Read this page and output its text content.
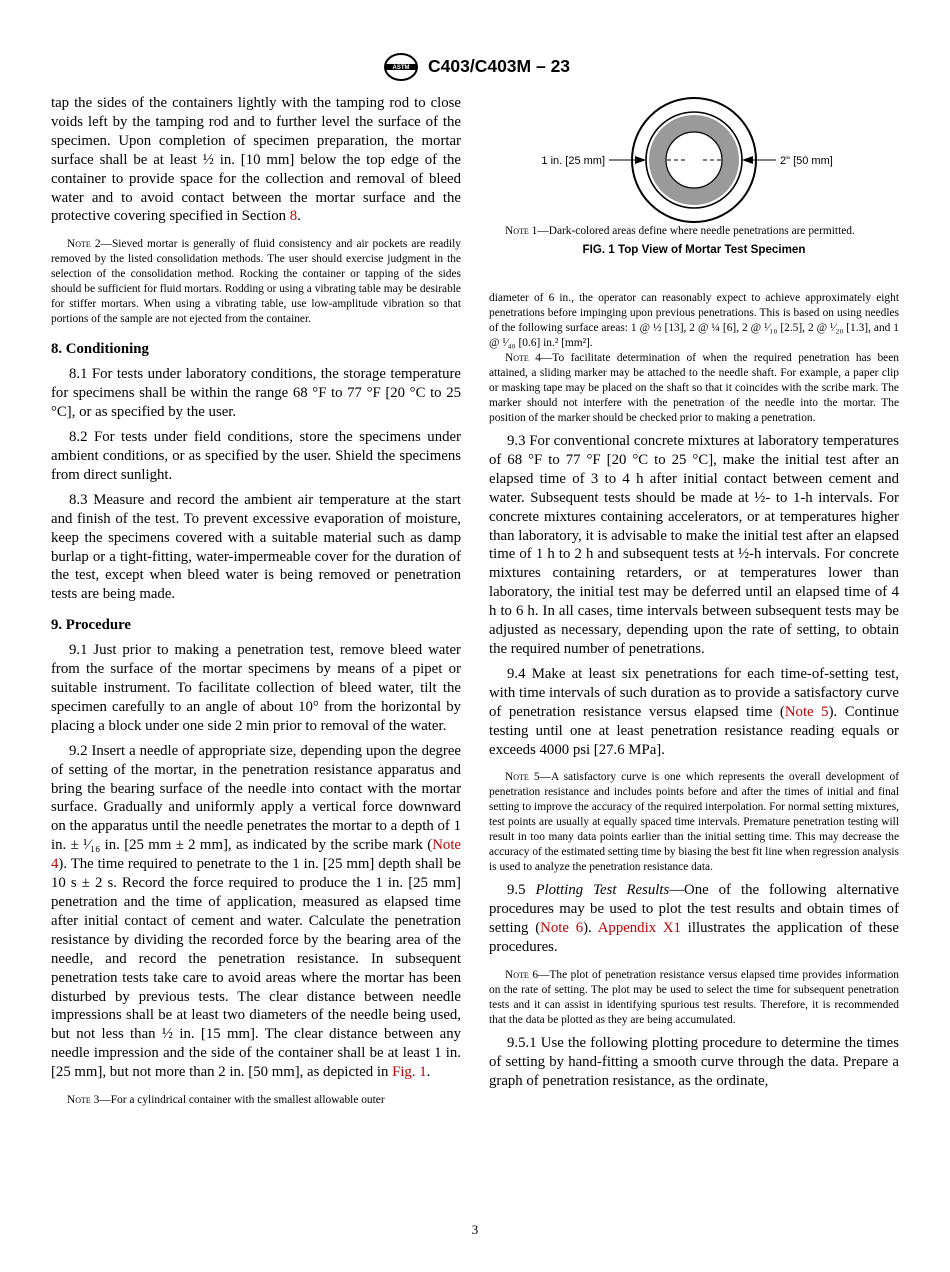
ASTM C403/C403M – 23

tap the sides of the containers lightly with the tamping rod to close voids left by the tamping rod and to further level the surface of the specimen. Upon completion of specimen preparation, the mortar surface shall be at least ½ in. [10 mm] below the top edge of the container to provide space for the collection and removal of bleed water and to avoid contact between the mortar surface and the protective covering specified in Section 8.

Note 2—Sieved mortar is generally of fluid consistency and air pockets are readily removed by the listed consolidation methods. The user should exercise judgment in the selection of the consolidation method. Rocking the container or tapping of the sides should be sufficient for fluid mortars. Rodding or using a vibrating table may be desirable for stiffer mortars. When using a vibrating table, use low-amplitude vibration so that portions of the sample are not ejected from the container.

8. Conditioning

8.1 For tests under laboratory conditions, the storage temperature for specimens shall be within the range 68 °F to 77 °F [20 °C to 25 °C], or as specified by the user.

8.2 For tests under field conditions, store the specimens under ambient conditions, or as specified by the user. Shield the specimens from direct sunlight.

8.3 Measure and record the ambient air temperature at the start and finish of the test. To prevent excessive evaporation of moisture, keep the specimens covered with a suitable material such as damp burlap or a tight-fitting, water-impermeable cover for the duration of the test, except when bleed water is being removed or penetration tests are being made.

9. Procedure

9.1 Just prior to making a penetration test, remove bleed water from the surface of the mortar specimens by means of a pipet or suitable instrument. To facilitate collection of bleed water, tilt the specimen carefully to an angle of about 10° from the horizontal by placing a block under one side 2 min prior to removal of the water.

9.2 Insert a needle of appropriate size, depending upon the degree of setting of the mortar, in the penetration resistance apparatus and bring the bearing surface of the needle into contact with the mortar surface. Gradually and uniformly apply a vertical force downward on the apparatus until the needle penetrates the mortar to a depth of 1 in. ± ¹⁄₁₆ in. [25 mm ± 2 mm], as indicated by the scribe mark (Note 4). The time required to penetrate to the 1 in. [25 mm] depth shall be 10 s ± 2 s. Record the force required to produce the 1 in. [25 mm] penetration and the time of application, measured as elapsed time after initial contact of cement and water. Calculate the penetration resistance by dividing the recorded force by the bearing area of the needle, and record the penetration resistance. In subsequent penetration tests take care to avoid areas where the mortar has been disturbed by previous tests. The clear distance between needle impressions shall be at least two diameters of the needle being used, but not less than ½ in. [15 mm]. The clear distance between any needle impression and the side of the container shall be at least 1 in. [25 mm], but not more than 2 in. [50 mm], as depicted in Fig. 1.

Note 3—For a cylindrical container with the smallest allowable outer

1 in. [25 mm]	2" [50 mm]

Note 1—Dark-colored areas define where needle penetrations are permitted.

FIG. 1 Top View of Mortar Test Specimen

diameter of 6 in., the operator can reasonably expect to achieve approximately eight penetrations before impinging upon previous penetrations. This is based on using needles of the following surface areas: 1 @ ½ [13], 2 @ ¼ [6], 2 @ ¹⁄₁₀ [2.5], 2 @ ¹⁄₂₀ [1.3], and 1 @ ¹⁄₄₀ [0.6] in.² [mm²].

Note 4—To facilitate determination of when the required penetration has been attained, a sliding marker may be attached to the needle shaft. For example, a paper clip or masking tape may be placed on the shaft so that it coincides with the scribe mark. The marker should not interfere with the penetration of the needle into the mortar. The position of the marker should be checked prior to making a penetration.

9.3 For conventional concrete mixtures at laboratory temperatures of 68 °F to 77 °F [20 °C to 25 °C], make the initial test after an elapsed time of 3 to 4 h after initial contact between cement and water. Subsequent tests should be made at ½- to 1-h intervals. For concrete mixtures containing accelerators, or at temperatures higher than laboratory, it is advisable to make the initial test after an elapsed time of 1 h to 2 h and subsequent tests at ½-h intervals. For concrete mixtures containing retarders, or at temperatures lower than laboratory, the initial test may be deferred until an elapsed time of 4 h to 6 h. In all cases, time intervals between subsequent tests may be adjusted as necessary, depending upon the rate of setting, to obtain the required number of penetrations.

9.4 Make at least six penetrations for each time-of-setting test, with time intervals of such duration as to provide a satisfactory curve of penetration resistance versus elapsed time (Note 5). Continue testing until one at least penetration resistance reading equals or exceeds 4000 psi [27.6 MPa].

Note 5—A satisfactory curve is one which represents the overall development of penetration resistance and includes points before and after the times of initial and final setting to improve the accuracy of the required interpolation. For normal setting mixtures, test points are usually at equally spaced time intervals. Premature penetration testing will result in too many data points earlier than the initial setting time. This may decrease the accuracy of the estimated setting time by biasing the best fit line when regression analysis is used to analyze the penetration resistance data.

9.5 Plotting Test Results—One of the following alternative procedures may be used to plot the test results and obtain times of setting (Note 6). Appendix X1 illustrates the application of these procedures.

Note 6—The plot of penetration resistance versus elapsed time provides information on the rate of setting. The plot may be used to select the time for subsequent penetration tests and it can assist in identifying spurious test results. Therefore, it is recommended that the data be plotted as they are being accumulated.

9.5.1 Use the following plotting procedure to determine the times of setting by hand-fitting a smooth curve through the data. Prepare a graph of penetration resistance, as the ordinate,

3
